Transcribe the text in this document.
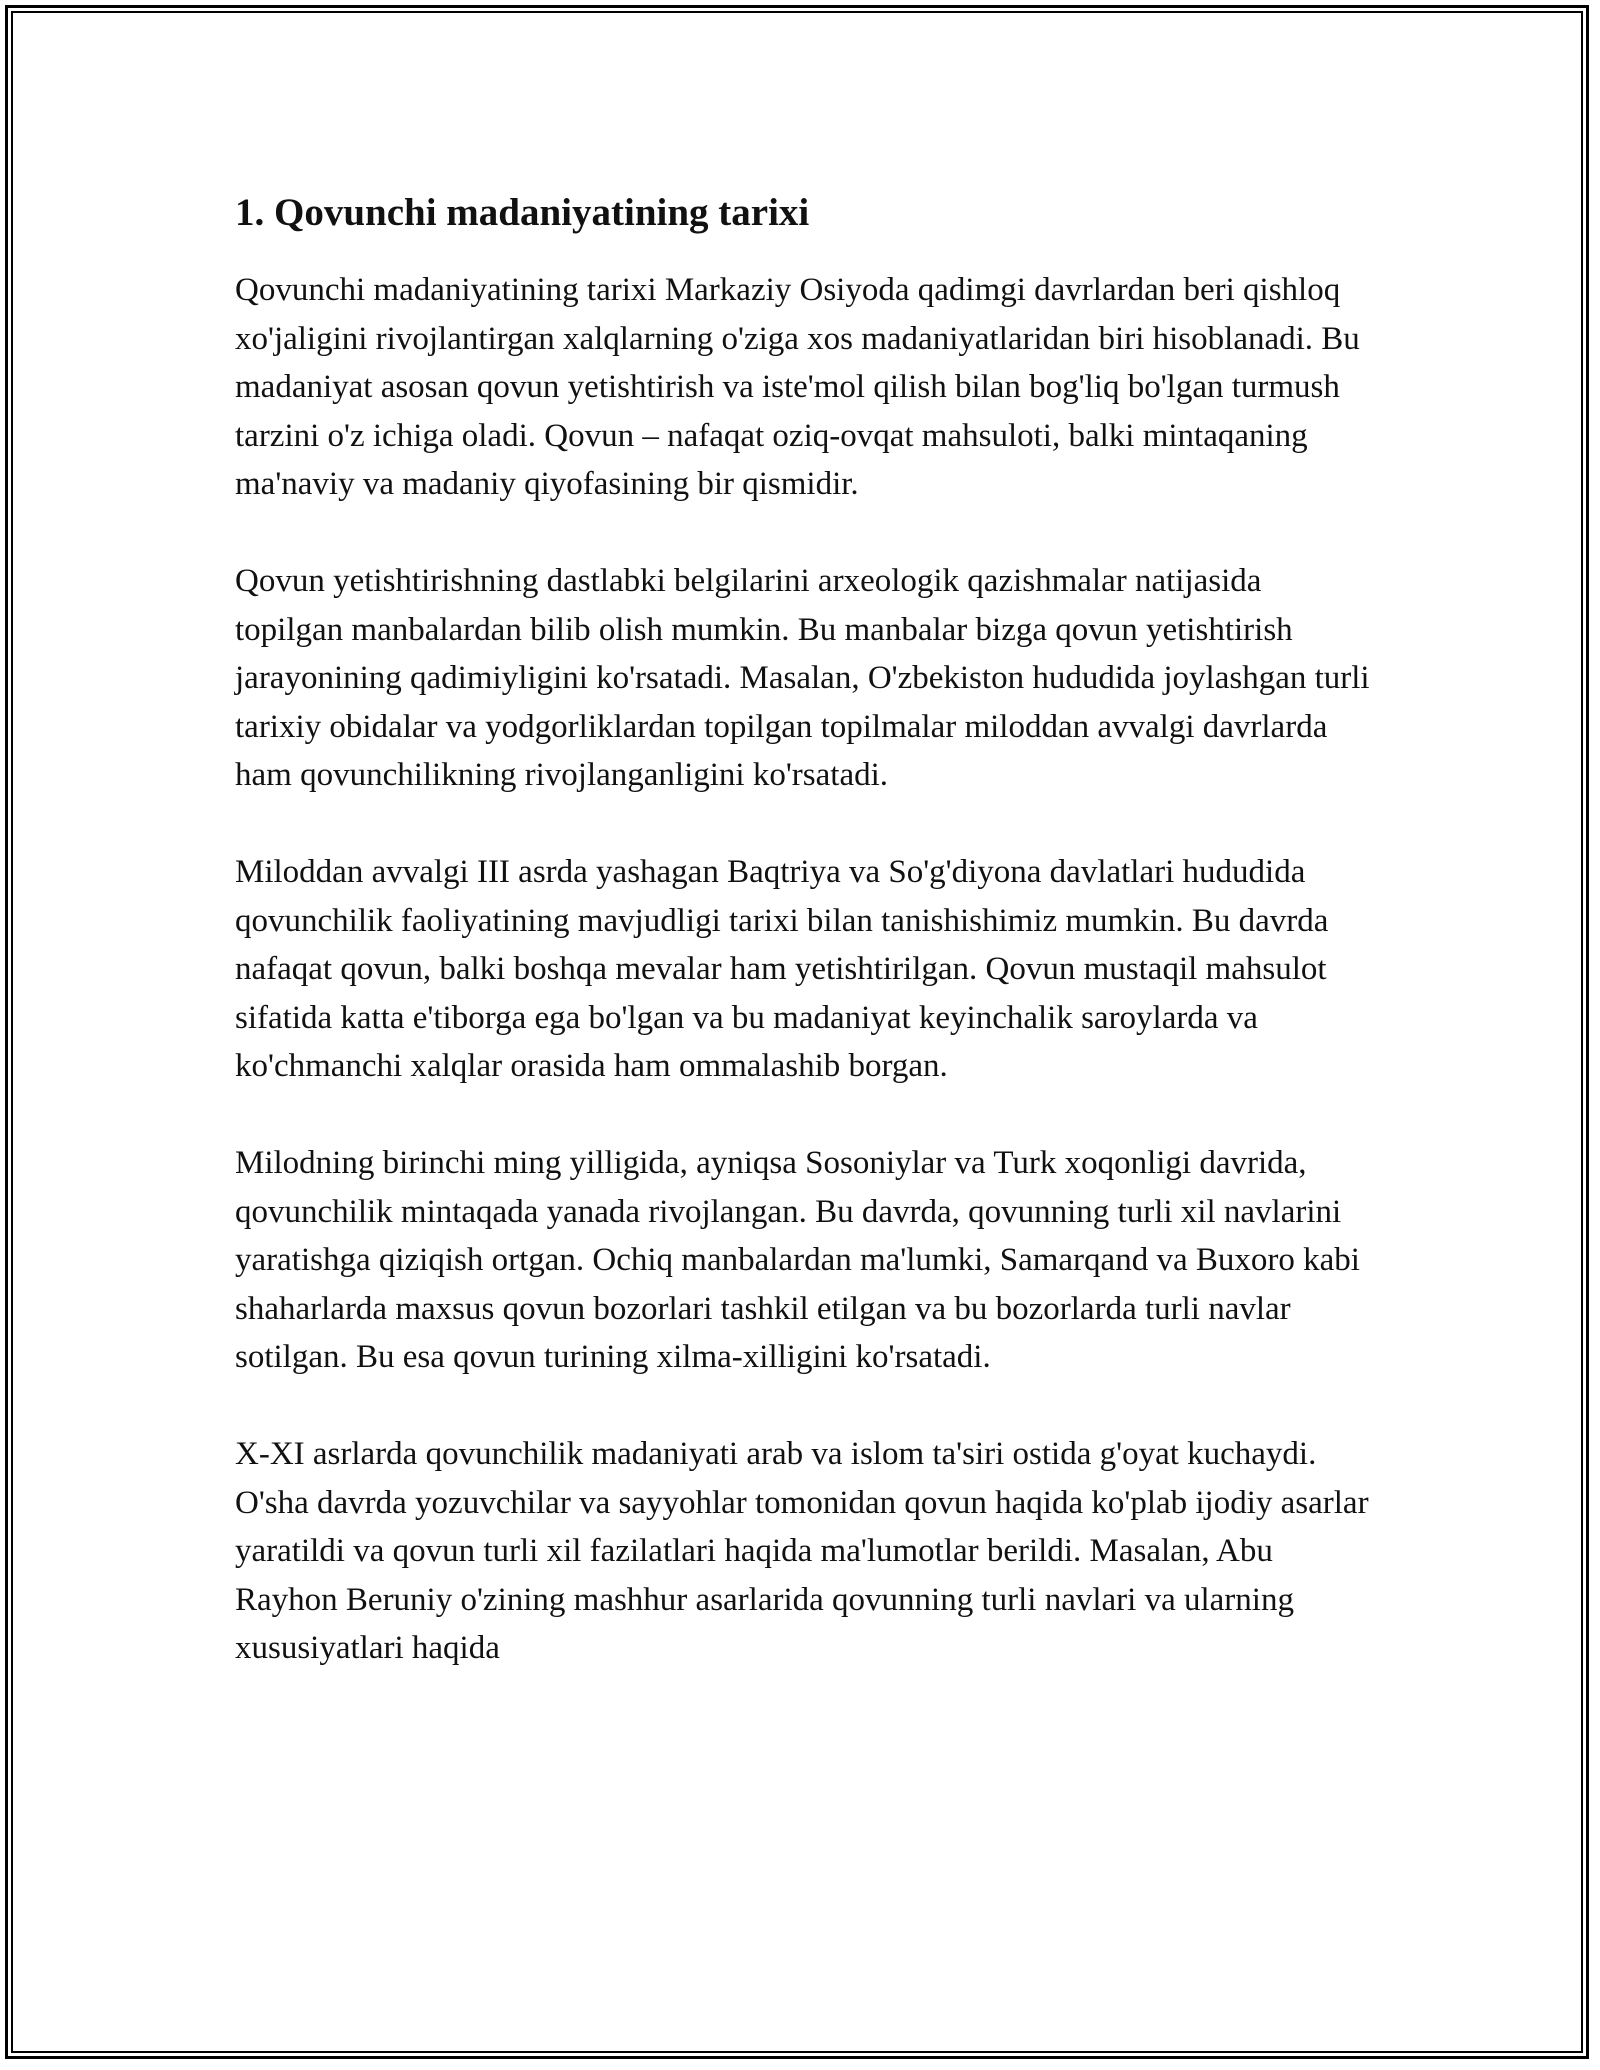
1. Qovunchi madaniyatining tarixi

Qovunchi madaniyatining tarixi Markaziy Osiyoda qadimgi davrlardan beri qishloq xo'jaligini rivojlantirgan xalqlarning o'ziga xos madaniyatlaridan biri hisoblanadi. Bu madaniyat asosan qovun yetishtirish va iste'mol qilish bilan bog'liq bo'lgan turmush tarzini o'z ichiga oladi. Qovun – nafaqat oziq-ovqat mahsuloti, balki mintaqaning ma'naviy va madaniy qiyofasining bir qismidir.

Qovun yetishtirishning dastlabki belgilarini arxeologik qazishmalar natijasida topilgan manbalardan bilib olish mumkin. Bu manbalar bizga qovun yetishtirish jarayonining qadimiyligini ko'rsatadi. Masalan, O'zbekiston hududida joylashgan turli tarixiy obidalar va yodgorliklardan topilgan topilmalar miloddan avvalgi davrlarda ham qovunchilikning rivojlanganligini ko'rsatadi.

Miloddan avvalgi III asrda yashagan Baqtriya va So'g'diyona davlatlari hududida qovunchilik faoliyatining mavjudligi tarixi bilan tanishishimiz mumkin. Bu davrda nafaqat qovun, balki boshqa mevalar ham yetishtirilgan. Qovun mustaqil mahsulot sifatida katta e'tiborga ega bo'lgan va bu madaniyat keyinchalik saroylarda va ko'chmanchi xalqlar orasida ham ommalashib borgan.

Milodning birinchi ming yilligida, ayniqsa Sosoniylar va Turk xoqonligi davrida, qovunchilik mintaqada yanada rivojlangan. Bu davrda, qovunning turli xil navlarini yaratishga qiziqish ortgan. Ochiq manbalardan ma'lumki, Samarqand va Buxoro kabi shaharlarda maxsus qovun bozorlari tashkil etilgan va bu bozorlarda turli navlar sotilgan. Bu esa qovun turining xilma-xilligini ko'rsatadi.

X-XI asrlarda qovunchilik madaniyati arab va islom ta'siri ostida g'oyat kuchaydi. O'sha davrda yozuvchilar va sayyohlar tomonidan qovun haqida ko'plab ijodiy asarlar yaratildi va qovun turli xil fazilatlari haqida ma'lumotlar berildi. Masalan, Abu Rayhon Beruniy o'zining mashhur asarlarida qovunning turli navlari va ularning xususiyatlari haqida
